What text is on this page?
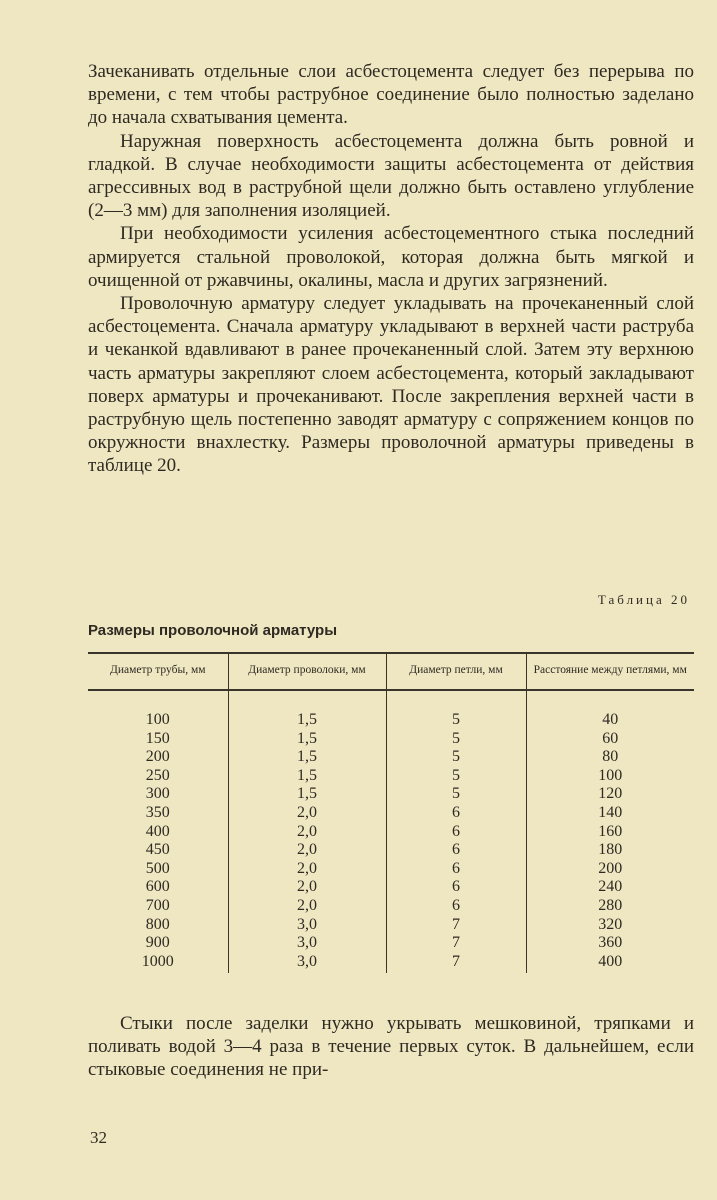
Зачеканивать отдельные слои асбестоцемента следует без перерыва по времени, с тем чтобы раструбное соединение было полностью заделано до начала схватывания цемента.

Наружная поверхность асбестоцемента должна быть ровной и гладкой. В случае необходимости защиты асбестоцемента от действия агрессивных вод в раструбной щели должно быть оставлено углубление (2—3 мм) для заполнения изоляцией.

При необходимости усиления асбестоцементного стыка последний армируется стальной проволокой, которая должна быть мягкой и очищенной от ржавчины, окалины, масла и других загрязнений.

Проволочную арматуру следует укладывать на прочеканенный слой асбестоцемента. Сначала арматуру укладывают в верхней части раструба и чеканкой вдавливают в ранее прочеканенный слой. Затем эту верхнюю часть арматуры закрепляют слоем асбестоцемента, который закладывают поверх арматуры и прочеканивают. После закрепления верхней части в раструбную щель постепенно заводят арматуру с сопряжением концов по окружности внахлестку. Размеры проволочной арматуры приведены в таблице 20.

Таблица 20
Размеры проволочной арматуры
Диаметр трубы, мм	Диаметр проволоки, мм	Диаметр петли, мм	Расстояние между петлями, мм
100	1,5	5	40
150	1,5	5	60
200	1,5	5	80
250	1,5	5	100
300	1,5	5	120
350	2,0	6	140
400	2,0	6	160
450	2,0	6	180
500	2,0	6	200
600	2,0	6	240
700	2,0	6	280
800	3,0	7	320
900	3,0	7	360
1000	3,0	7	400

Стыки после заделки нужно укрывать мешковиной, тряпками и поливать водой 3—4 раза в течение первых суток. В дальнейшем, если стыковые соединения не при-

32
